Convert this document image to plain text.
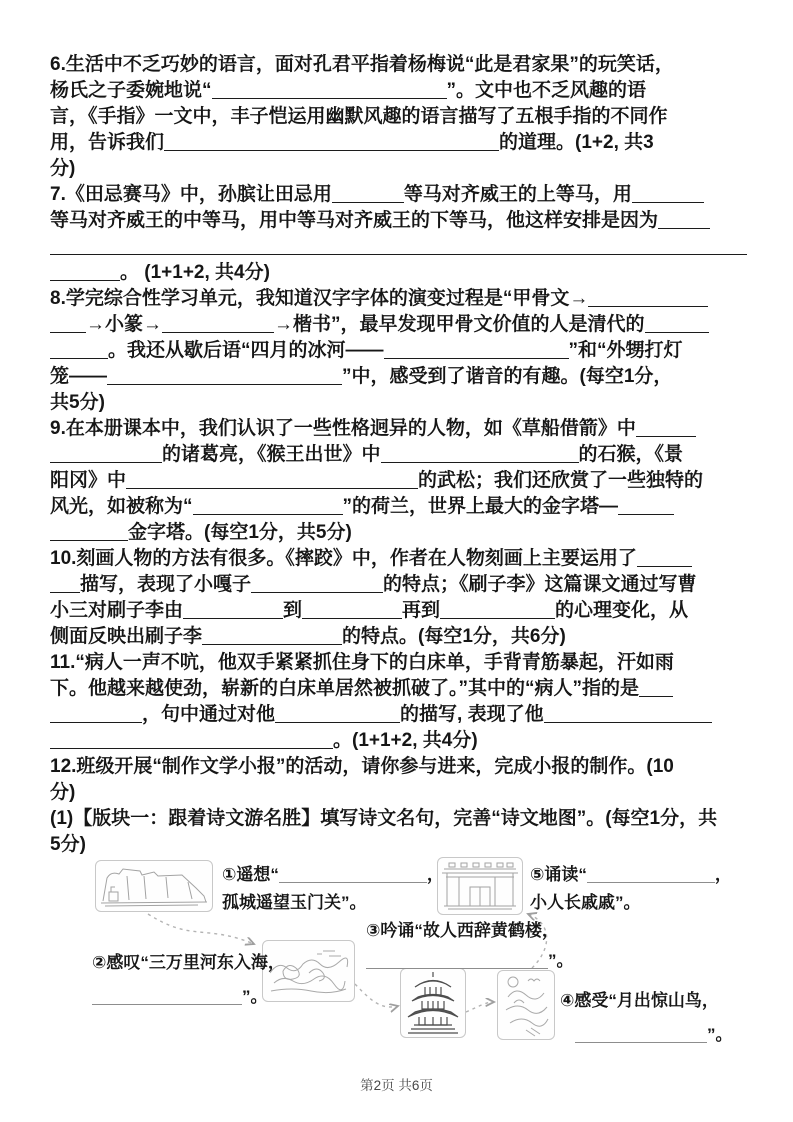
6.生活中不乏巧妙的语言，面对孔君平指着杨梅说“此是君家果”的玩笑话，
杨氏之子委婉地说“	”。文中也不乏风趣的语
言，《手指》一文中，丰子恺运用幽默风趣的语言描写了五根手指的不同作
用，告诉我们	的道理。(1+2, 共3
分)
7.《田忌赛马》中，孙膑让田忌用	等马对齐威王的上等马，用
等马对齐威王的中等马，用中等马对齐威王的下等马，他这样安排是因为
。 (1+1+2, 共4分)
8.学完综合性学习单元，我知道汉字字体的演变过程是“甲骨文→
→小篆→	→楷书”，最早发现甲骨文价值的人是清代的
。我还从歇后语“四月的冰河——	”和“外甥打灯
笼——	”中，感受到了谐音的有趣。(每空1分，
共5分)
9.在本册课本中，我们认识了一些性格迥异的人物，如《草船借箭》中
的诸葛亮，《猴王出世》中	的石猴，《景
阳冈》中	的武松；我们还欣赏了一些独特的
风光，如被称为“	”的荷兰，世界上最大的金字塔—
金字塔。(每空1分，共5分)
10.刻画人物的方法有很多。《摔跤》中，作者在人物刻画上主要运用了
描写，表现了小嘎子	的特点；《刷子李》这篇课文通过写曹
小三对刷子李由	到	再到	的心理变化，从
侧面反映出刷子李	的特点。(每空1分，共6分)
11.“病人一声不吭，他双手紧紧抓住身下的白床单，手背青筋暴起，汗如雨
下。他越来越使劲，崭新的白床单居然被抓破了。”其中的“病人”指的是
，句中通过对他	的描写, 表现了他
。(1+1+2, 共4分)
12.班级开展“制作文学小报”的活动，请你参与进来，完成小报的制作。(10
分)
(1)【版块一：跟着诗文游名胜】填写诗文名句，完善“诗文地图”。(每空1分，共
5分)
①遥想“	，
孤城遥望玉门关”。
⑤诵读“	，
小人长戚戚”。
③吟诵“故人西辞黄鹤楼，
”。
②感叹“三万里河东入海，
”。	④感受“月出惊山鸟，
”。
第2页 共6页
